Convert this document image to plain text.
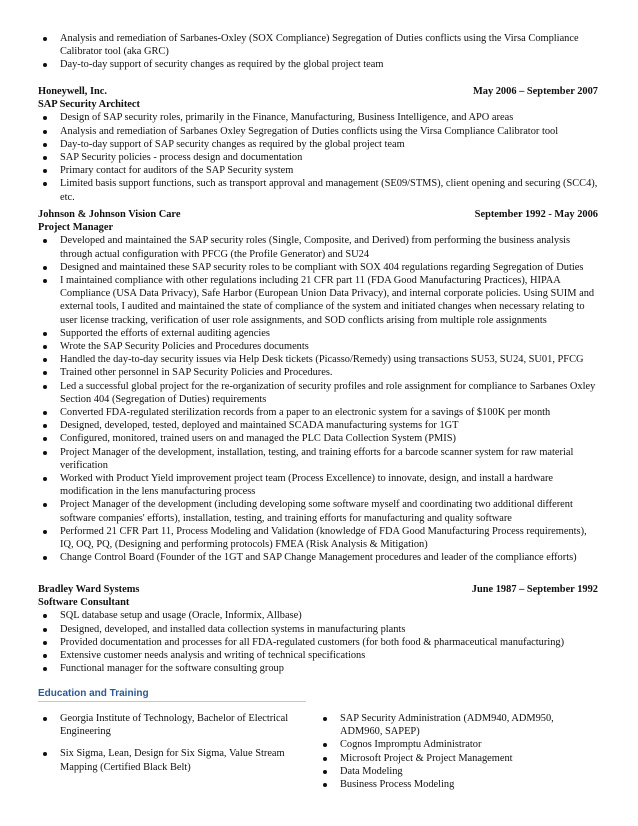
Analysis and remediation of Sarbanes-Oxley (SOX Compliance) Segregation of Duties conflicts using the Virsa Compliance Calibrator tool (aka GRC)
Day-to-day support of security changes as required by the global project team
Honeywell, Inc.	May 2006 – September 2007
SAP Security Architect
Design of SAP security roles, primarily in the Finance, Manufacturing, Business Intelligence, and APO areas
Analysis and remediation of Sarbanes Oxley Segregation of Duties conflicts using the Virsa Compliance Calibrator tool
Day-to-day support of SAP security changes as required by the global project team
SAP Security policies - process design and documentation
Primary contact for auditors of the SAP Security system
Limited basis support functions, such as transport approval and management (SE09/STMS), client opening and securing (SCC4), etc.
Johnson & Johnson Vision Care	September 1992 - May 2006
Project Manager
Developed and maintained the SAP security roles (Single, Composite, and Derived) from performing the business analysis through actual configuration with PFCG (the Profile Generator) and SU24
Designed and maintained these SAP security roles to be compliant with SOX 404 regulations regarding Segregation of Duties
I maintained compliance with other regulations including 21 CFR part 11 (FDA Good Manufacturing Practices), HIPAA Compliance (USA Data Privacy), Safe Harbor (European Union Data Privacy), and internal corporate policies. Using SUIM and external tools, I audited and maintained the state of compliance of the system and initiated changes when necessary relating to user license tracking, verification of user role assignments, and SOD conflicts arising from multiple role assignments
Supported the efforts of external auditing agencies
Wrote the SAP Security Policies and Procedures documents
Handled the day-to-day security issues via Help Desk tickets (Picasso/Remedy) using transactions SU53, SU24, SU01, PFCG
Trained other personnel in SAP Security Policies and Procedures.
Led a successful global project for the re-organization of security profiles and role assignment for compliance to Sarbanes Oxley Section 404 (Segregation of Duties) requirements
Converted FDA-regulated sterilization records from a paper to an electronic system for a savings of $100K per month
Designed, developed, tested, deployed and maintained SCADA manufacturing systems for 1GT
Configured, monitored, trained users on and managed the PLC Data Collection System (PMIS)
Project Manager of the development, installation, testing, and training efforts for a barcode scanner system for raw material verification
Worked with Product Yield improvement project team (Process Excellence) to innovate, design, and install a hardware modification in the lens manufacturing process
Project Manager of the development (including developing some software myself and coordinating two additional different software companies' efforts), installation, testing, and training efforts for manufacturing and quality software
Performed 21 CFR Part 11, Process Modeling and Validation (knowledge of FDA Good Manufacturing Process requirements), IQ, OQ, PQ, (Designing and performing protocols) FMEA (Risk Analysis & Mitigation)
Change Control Board (Founder of the 1GT and SAP Change Management procedures and leader of the compliance efforts)
Bradley Ward Systems	June 1987 – September 1992
Software Consultant
SQL database setup and usage (Oracle, Informix, Allbase)
Designed, developed, and installed data collection systems in manufacturing plants
Provided documentation and processes for all FDA-regulated customers (for both food & pharmaceutical manufacturing)
Extensive customer needs analysis and writing of technical specifications
Functional manager for the software consulting group
Education and Training
Georgia Institute of Technology, Bachelor of Electrical Engineering
Six Sigma, Lean, Design for Six Sigma, Value Stream Mapping (Certified Black Belt)
SAP Security Administration (ADM940, ADM950, ADM960, SAPEP)
Cognos Impromptu Administrator
Microsoft Project & Project Management
Data Modeling
Business Process Modeling
